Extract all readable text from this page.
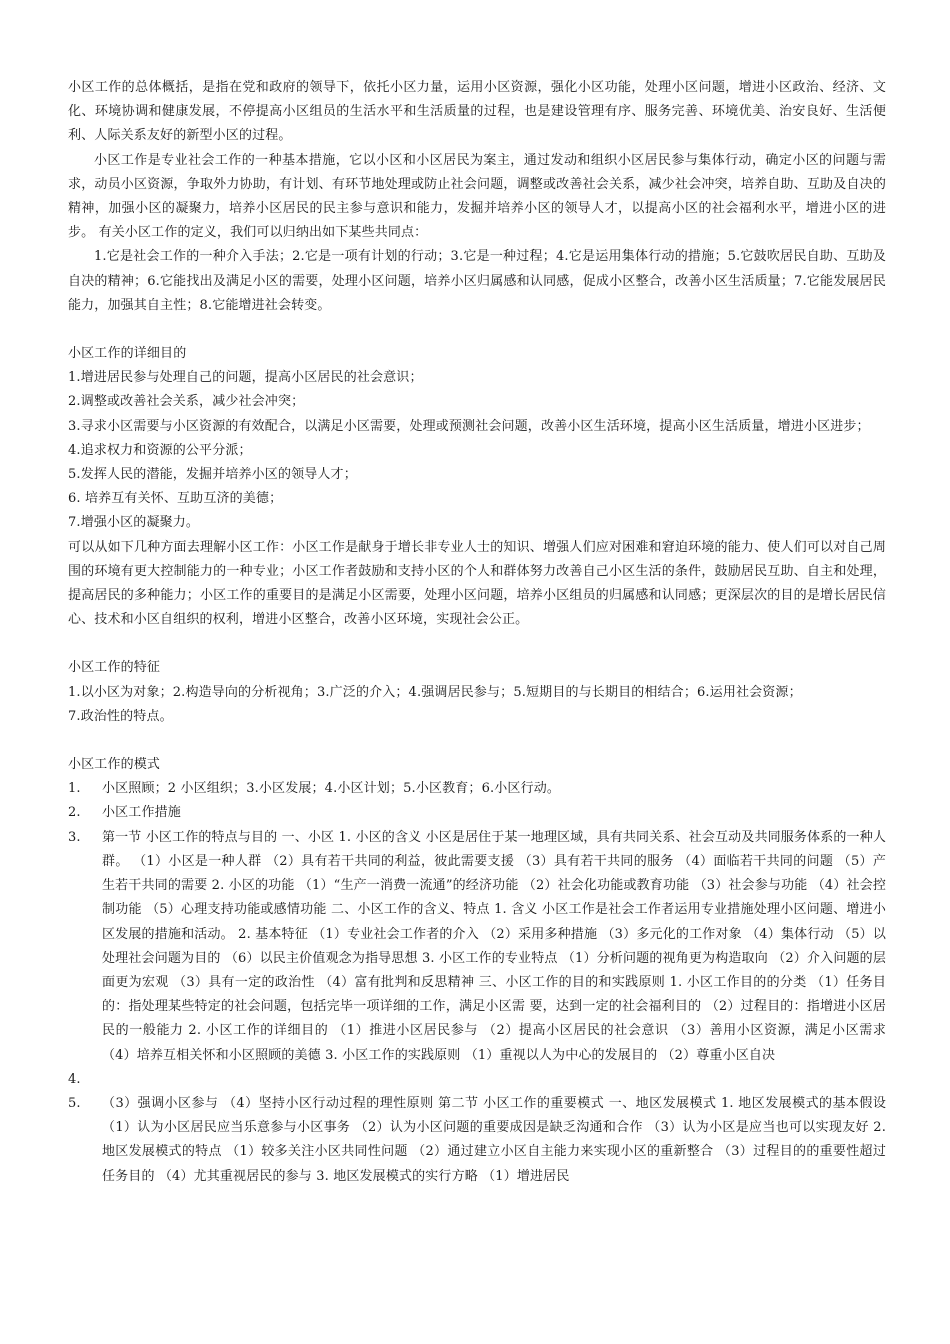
小区工作的总体概括，是指在党和政府的领导下，依托小区力量，运用小区资源，强化小区功能，处理小区问题，增进小区政治、经济、文化、环境协调和健康发展，不停提高小区组员的生活水平和生活质量的过程，也是建设管理有序、服务完善、环境优美、治安良好、生活便利、人际关系友好的新型小区的过程。

小区工作是专业社会工作的一种基本措施，它以小区和小区居民为案主，通过发动和组织小区居民参与集体行动，确定小区的问题与需求，动员小区资源，争取外力协助，有计划、有环节地处理或防止社会问题，调整或改善社会关系，减少社会冲突，培养自助、互助及自决的精神，加强小区的凝聚力，培养小区居民的民主参与意识和能力，发掘并培养小区的领导人才，以提高小区的社会福利水平，增进小区的进步。 有关小区工作的定义，我们可以归纳出如下某些共同点：

1.它是社会工作的一种介入手法；2.它是一项有计划的行动；3.它是一种过程；4.它是运用集体行动的措施；5.它鼓吹居民自助、互助及自决的精神；6.它能找出及满足小区的需要，处理小区问题，培养小区归属感和认同感，促成小区整合，改善小区生活质量；7.它能发展居民能力，加强其自主性；8.它能增进社会转变。

小区工作的详细目的

1.增进居民参与处理自己的问题，提高小区居民的社会意识；

2.调整或改善社会关系，减少社会冲突；

3.寻求小区需要与小区资源的有效配合，以满足小区需要，处理或预测社会问题，改善小区生活环境，提高小区生活质量，增进小区进步；

4.追求权力和资源的公平分派；

5.发挥人民的潜能，发掘并培养小区的领导人才；

6. 培养互有关怀、互助互济的美德；

7.增强小区的凝聚力。

可以从如下几种方面去理解小区工作：小区工作是献身于增长非专业人士的知识、增强人们应对困难和窘迫环境的能力、使人们可以对自己周围的环境有更大控制能力的一种专业；小区工作者鼓励和支持小区的个人和群体努力改善自己小区生活的条件，鼓励居民互助、自主和处理，提高居民的多种能力；小区工作的重要目的是满足小区需要，处理小区问题，培养小区组员的归属感和认同感；更深层次的目的是增长居民信心、技术和小区自组织的权利，增进小区整合，改善小区环境，实现社会公正。

小区工作的特征

1.以小区为对象；2.构造导向的分析视角；3.广泛的介入；4.强调居民参与；5.短期目的与长期目的相结合；6.运用社会资源；

7.政治性的特点。

小区工作的模式

1. 小区照顾；2 小区组织；3.小区发展；4.小区计划；5.小区教育；6.小区行动。
2. 小区工作措施
3. 第一节 小区工作的特点与目的 一、小区 1. 小区的含义 小区是居住于某一地理区域，具有共同关系、社会互动及共同服务体系的一种人群。 （1）小区是一种人群 （2）具有若干共同的利益，彼此需要支援 （3）具有若干共同的服务 （4）面临若干共同的问题 （5）产生若干共同的需要 2. 小区的功能 （1）“生产一消费一流通”的经济功能 （2）社会化功能或教育功能 （3）社会参与功能 （4）社会控制功能 （5）心理支持功能或感情功能 二、小区工作的含义、特点 1. 含义 小区工作是社会工作者运用专业措施处理小区问题、增进小区发展的措施和活动。 2. 基本特征 （1）专业社会工作者的介入 （2）采用多种措施 （3）多元化的工作对象 （4）集体行动 （5）以处理社会问题为目的 （6）以民主价值观念为指导思想 3. 小区工作的专业特点 （1）分析问题的视角更为构造取向 （2）介入问题的层面更为宏观 （3）具有一定的政治性 （4）富有批判和反思精神 三、小区工作的目的和实践原则 1. 小区工作目的的分类 （1）任务目的：指处理某些特定的社会问题，包括完毕一项详细的工作，满足小区需 要，达到一定的社会福利目的 （2）过程目的：指增进小区居民的一般能力 2. 小区工作的详细目的 （1）推进小区居民参与 （2）提高小区居民的社会意识 （3）善用小区资源，满足小区需求 （4）培养互相关怀和小区照顾的美德 3. 小区工作的实践原则 （1）重视以人为中心的发展目的 （2）尊重小区自决
4.

5. （3）强调小区参与 （4）坚持小区行动过程的理性原则 第二节 小区工作的重要模式 一、地区发展模式 1. 地区发展模式的基本假设 （1）认为小区居民应当乐意参与小区事务 （2）认为小区问题的重要成因是缺乏沟通和合作 （3）认为小区是应当也可以实现友好 2. 地区发展模式的特点 （1）较多关注小区共同性问题 （2）通过建立小区自主能力来实现小区的重新整合 （3）过程目的的重要性超过任务目的 （4）尤其重视居民的参与 3. 地区发展模式的实行方略 （1）增进居民
